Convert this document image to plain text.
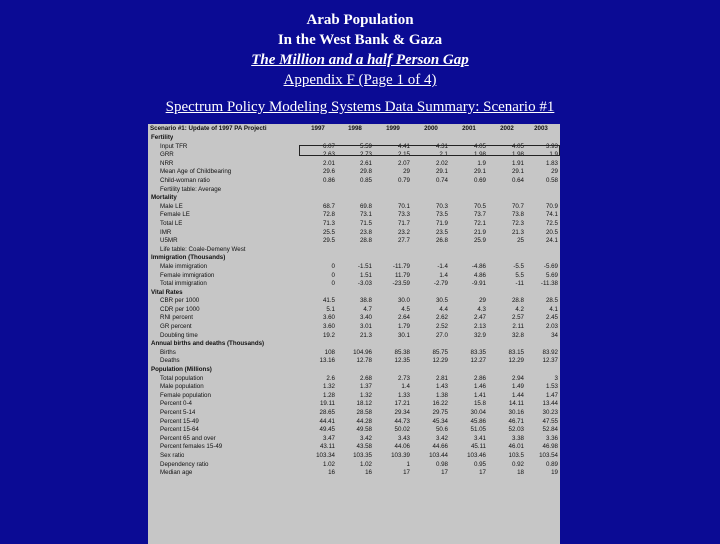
Arab Population
In the West Bank & Gaza
The Million and a half Person Gap
Appendix F (Page 1 of 4)
Spectrum Policy Modeling Systems Data Summary: Scenario #1
Scenario #1: Update of 1997 PA Projecti	1997	1998	1999	2000	2001	2002	2003
Fertility
Input TFR	6.07	5.59	4.41	4.31	4.05	4.05	3.93
GRR	2.63	2.73	2.15	2.1	1.98	1.98	1.9
NRR	2.01	2.61	2.07	2.02	1.9	1.91	1.83
Mean Age of Childbearing	29.6	29.8	29	29.1	29.1	29.1	29
Child-woman ratio	0.86	0.85	0.79	0.74	0.69	0.64	0.58
Fertility table: Average
Mortality
Male LE	68.7	69.8	70.1	70.3	70.5	70.7	70.9
Female LE	72.8	73.1	73.3	73.5	73.7	73.8	74.1
Total LE	71.3	71.5	71.7	71.9	72.1	72.3	72.5
IMR	25.5	23.8	23.2	23.5	21.9	21.3	20.5
U5MR	29.5	28.8	27.7	26.8	25.9	25	24.1
Life table: Coale-Demeny West
Immigration (Thousands)
Male immigration	0	-1.51	-11.79	-1.4	-4.86	-5.5	-5.69
Female immigration	0	1.51	11.79	1.4	4.86	5.5	5.69
Total immigration	0	-3.03	-23.59	-2.79	-9.91	-11	-11.38
Vital Rates
CBR per 1000	41.5	38.8	30.0	30.5	29	28.8	28.5
CDR per 1000	5.1	4.7	4.5	4.4	4.3	4.2	4.1
RNI percent	3.60	3.40	2.64	2.62	2.47	2.57	2.45
GR percent	3.60	3.01	1.79	2.52	2.13	2.11	2.03
Doubling time	19.2	21.3	30.1	27.0	32.9	32.8	34
Annual births and deaths (Thousands)
Births	108	104.96	85.38	85.75	83.35	83.15	83.92
Deaths	13.16	12.78	12.35	12.29	12.27	12.29	12.37
Population (Millions)
Total population	2.6	2.68	2.73	2.81	2.86	2.94	3
Male population	1.32	1.37	1.4	1.43	1.46	1.49	1.53
Female population	1.28	1.32	1.33	1.38	1.41	1.44	1.47
Percent 0-4	19.11	18.12	17.21	16.22	15.8	14.11	13.44
Percent 5-14	28.65	28.58	29.34	29.75	30.04	30.16	30.23
Percent 15-49	44.41	44.28	44.73	45.34	45.86	46.71	47.55
Percent 15-64	49.45	49.58	50.02	50.6	51.05	52.03	52.84
Percent 65 and over	3.47	3.42	3.43	3.42	3.41	3.38	3.36
Percent females 15-49	43.11	43.58	44.06	44.66	45.11	46.01	46.98
Sex ratio	103.34	103.35	103.39	103.44	103.46	103.5	103.54
Dependency ratio	1.02	1.02	1	0.98	0.95	0.92	0.89
Median age	16	16	17	17	17	18	19
